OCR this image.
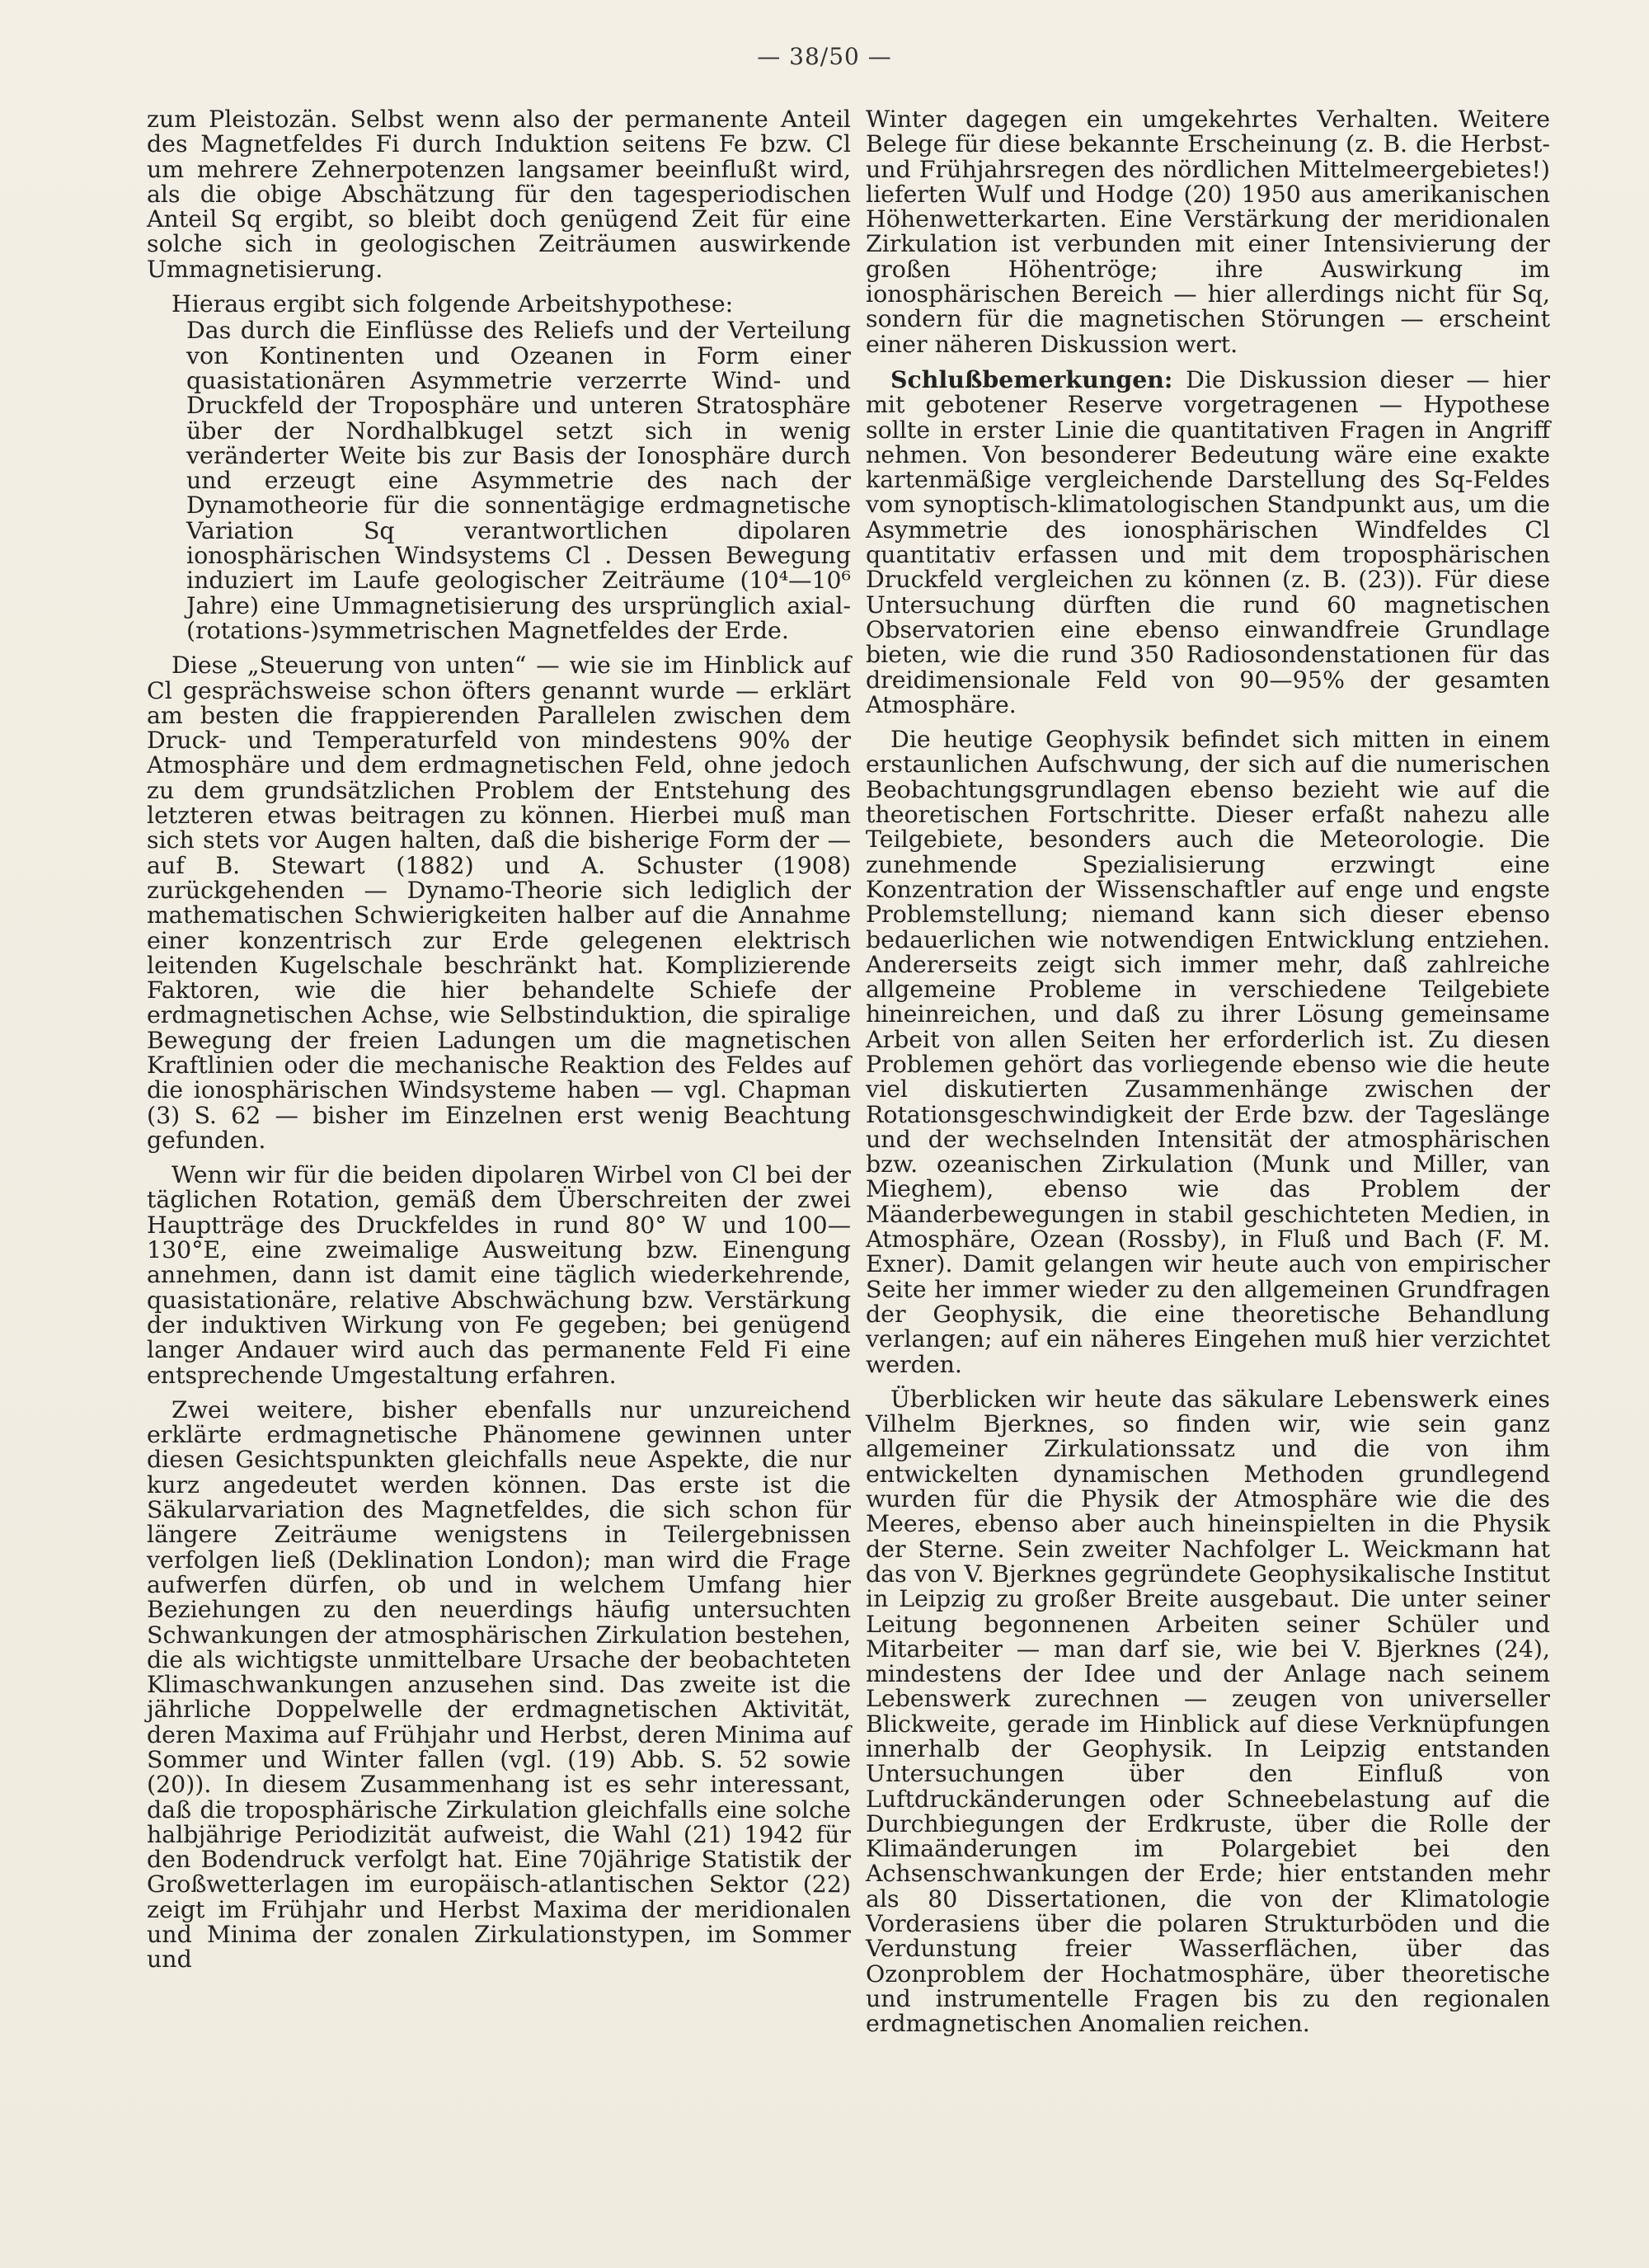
— 38/50 —

zum Pleistozän. Selbst wenn also der permanente Anteil des Magnetfeldes Fi durch Induktion seitens Fe bzw. Cl um mehrere Zehnerpotenzen langsamer beeinflußt wird, als die obige Abschätzung für den tagesperiodischen Anteil Sq ergibt, so bleibt doch genügend Zeit für eine solche sich in geologischen Zeiträumen auswirkende Ummagnetisierung.

Hieraus ergibt sich folgende Arbeitshypothese:

Das durch die Einflüsse des Reliefs und der Verteilung von Kontinenten und Ozeanen in Form einer quasistationären Asymmetrie verzerrte Wind- und Druckfeld der Troposphäre und unteren Stratosphäre über der Nordhalbkugel setzt sich in wenig veränderter Weite bis zur Basis der Ionosphäre durch und erzeugt eine Asymmetrie des nach der Dynamotheorie für die sonnentägige erdmagnetische Variation Sq verantwortlichen dipolaren ionosphärischen Windsystems Cl . Dessen Bewegung induziert im Laufe geologischer Zeiträume (10⁴—10⁶ Jahre) eine Ummagnetisierung des ursprünglich axial-(rotations-)symmetrischen Magnetfeldes der Erde.

Diese „Steuerung von unten“ — wie sie im Hinblick auf Cl gesprächsweise schon öfters genannt wurde — erklärt am besten die frappierenden Parallelen zwischen dem Druck- und Temperaturfeld von mindestens 90% der Atmosphäre und dem erdmagnetischen Feld, ohne jedoch zu dem grundsätzlichen Problem der Entstehung des letzteren etwas beitragen zu können. Hierbei muß man sich stets vor Augen halten, daß die bisherige Form der — auf B. Stewart (1882) und A. Schuster (1908) zurückgehenden — Dynamo-Theorie sich lediglich der mathematischen Schwierigkeiten halber auf die Annahme einer konzentrisch zur Erde gelegenen elektrisch leitenden Kugelschale beschränkt hat. Komplizierende Faktoren, wie die hier behandelte Schiefe der erdmagnetischen Achse, wie Selbstinduktion, die spiralige Bewegung der freien Ladungen um die magnetischen Kraftlinien oder die mechanische Reaktion des Feldes auf die ionosphärischen Windsysteme haben — vgl. Chapman (3) S. 62 — bisher im Einzelnen erst wenig Beachtung gefunden.

Wenn wir für die beiden dipolaren Wirbel von Cl bei der täglichen Rotation, gemäß dem Überschreiten der zwei Hauptträge des Druckfeldes in rund 80° W und 100—130°E, eine zweimalige Ausweitung bzw. Einengung annehmen, dann ist damit eine täglich wiederkehrende, quasistationäre, relative Abschwächung bzw. Verstärkung der induktiven Wirkung von Fe gegeben; bei genügend langer Andauer wird auch das permanente Feld Fi eine entsprechende Umgestaltung erfahren.

Zwei weitere, bisher ebenfalls nur unzureichend erklärte erdmagnetische Phänomene gewinnen unter diesen Gesichtspunkten gleichfalls neue Aspekte, die nur kurz angedeutet werden können. Das erste ist die Säkularvariation des Magnetfeldes, die sich schon für längere Zeiträume wenigstens in Teilergebnissen verfolgen ließ (Deklination London); man wird die Frage aufwerfen dürfen, ob und in welchem Umfang hier Beziehungen zu den neuerdings häufig untersuchten Schwankungen der atmosphärischen Zirkulation bestehen, die als wichtigste unmittelbare Ursache der beobachteten Klimaschwankungen anzusehen sind. Das zweite ist die jährliche Doppelwelle der erdmagnetischen Aktivität, deren Maxima auf Frühjahr und Herbst, deren Minima auf Sommer und Winter fallen (vgl. (19) Abb. S. 52 sowie (20)). In diesem Zusammenhang ist es sehr interessant, daß die troposphärische Zirkulation gleichfalls eine solche halbjährige Periodizität aufweist, die Wahl (21) 1942 für den Bodendruck verfolgt hat. Eine 70jährige Statistik der Großwetterlagen im europäisch-atlantischen Sektor (22) zeigt im Frühjahr und Herbst Maxima der meridionalen und Minima der zonalen Zirkulationstypen, im Sommer und

Winter dagegen ein umgekehrtes Verhalten. Weitere Belege für diese bekannte Erscheinung (z. B. die Herbst- und Frühjahrsregen des nördlichen Mittelmeergebietes!) lieferten Wulf und Hodge (20) 1950 aus amerikanischen Höhenwetterkarten. Eine Verstärkung der meridionalen Zirkulation ist verbunden mit einer Intensivierung der großen Höhentröge; ihre Auswirkung im ionosphärischen Bereich — hier allerdings nicht für Sq, sondern für die magnetischen Störungen — erscheint einer näheren Diskussion wert.

Schlußbemerkungen: Die Diskussion dieser — hier mit gebotener Reserve vorgetragenen — Hypothese sollte in erster Linie die quantitativen Fragen in Angriff nehmen. Von besonderer Bedeutung wäre eine exakte kartenmäßige vergleichende Darstellung des Sq-Feldes vom synoptisch-klimatologischen Standpunkt aus, um die Asymmetrie des ionosphärischen Windfeldes Cl quantitativ erfassen und mit dem troposphärischen Druckfeld vergleichen zu können (z. B. (23)). Für diese Untersuchung dürften die rund 60 magnetischen Observatorien eine ebenso einwandfreie Grundlage bieten, wie die rund 350 Radiosondenstationen für das dreidimensionale Feld von 90—95% der gesamten Atmosphäre.

Die heutige Geophysik befindet sich mitten in einem erstaunlichen Aufschwung, der sich auf die numerischen Beobachtungsgrundlagen ebenso bezieht wie auf die theoretischen Fortschritte. Dieser erfaßt nahezu alle Teilgebiete, besonders auch die Meteorologie. Die zunehmende Spezialisierung erzwingt eine Konzentration der Wissenschaftler auf enge und engste Problemstellung; niemand kann sich dieser ebenso bedauerlichen wie notwendigen Entwicklung entziehen. Andererseits zeigt sich immer mehr, daß zahlreiche allgemeine Probleme in verschiedene Teilgebiete hineinreichen, und daß zu ihrer Lösung gemeinsame Arbeit von allen Seiten her erforderlich ist. Zu diesen Problemen gehört das vorliegende ebenso wie die heute viel diskutierten Zusammenhänge zwischen der Rotationsgeschwindigkeit der Erde bzw. der Tageslänge und der wechselnden Intensität der atmosphärischen bzw. ozeanischen Zirkulation (Munk und Miller, van Mieghem), ebenso wie das Problem der Mäanderbewegungen in stabil geschichteten Medien, in Atmosphäre, Ozean (Rossby), in Fluß und Bach (F. M. Exner). Damit gelangen wir heute auch von empirischer Seite her immer wieder zu den allgemeinen Grundfragen der Geophysik, die eine theoretische Behandlung verlangen; auf ein näheres Eingehen muß hier verzichtet werden.

Überblicken wir heute das säkulare Lebenswerk eines Vilhelm Bjerknes, so finden wir, wie sein ganz allgemeiner Zirkulationssatz und die von ihm entwickelten dynamischen Methoden grundlegend wurden für die Physik der Atmosphäre wie die des Meeres, ebenso aber auch hineinspielten in die Physik der Sterne. Sein zweiter Nachfolger L. Weickmann hat das von V. Bjerknes gegründete Geophysikalische Institut in Leipzig zu großer Breite ausgebaut. Die unter seiner Leitung begonnenen Arbeiten seiner Schüler und Mitarbeiter — man darf sie, wie bei V. Bjerknes (24), mindestens der Idee und der Anlage nach seinem Lebenswerk zurechnen — zeugen von universeller Blickweite, gerade im Hinblick auf diese Verknüpfungen innerhalb der Geophysik. In Leipzig entstanden Untersuchungen über den Einfluß von Luftdruckänderungen oder Schneebelastung auf die Durchbiegungen der Erdkruste, über die Rolle der Klimaänderungen im Polargebiet bei den Achsenschwankungen der Erde; hier entstanden mehr als 80 Dissertationen, die von der Klimatologie Vorderasiens über die polaren Strukturböden und die Verdunstung freier Wasserflächen, über das Ozonproblem der Hochatmosphäre, über theoretische und instrumentelle Fragen bis zu den regionalen erdmagnetischen Anomalien reichen.
